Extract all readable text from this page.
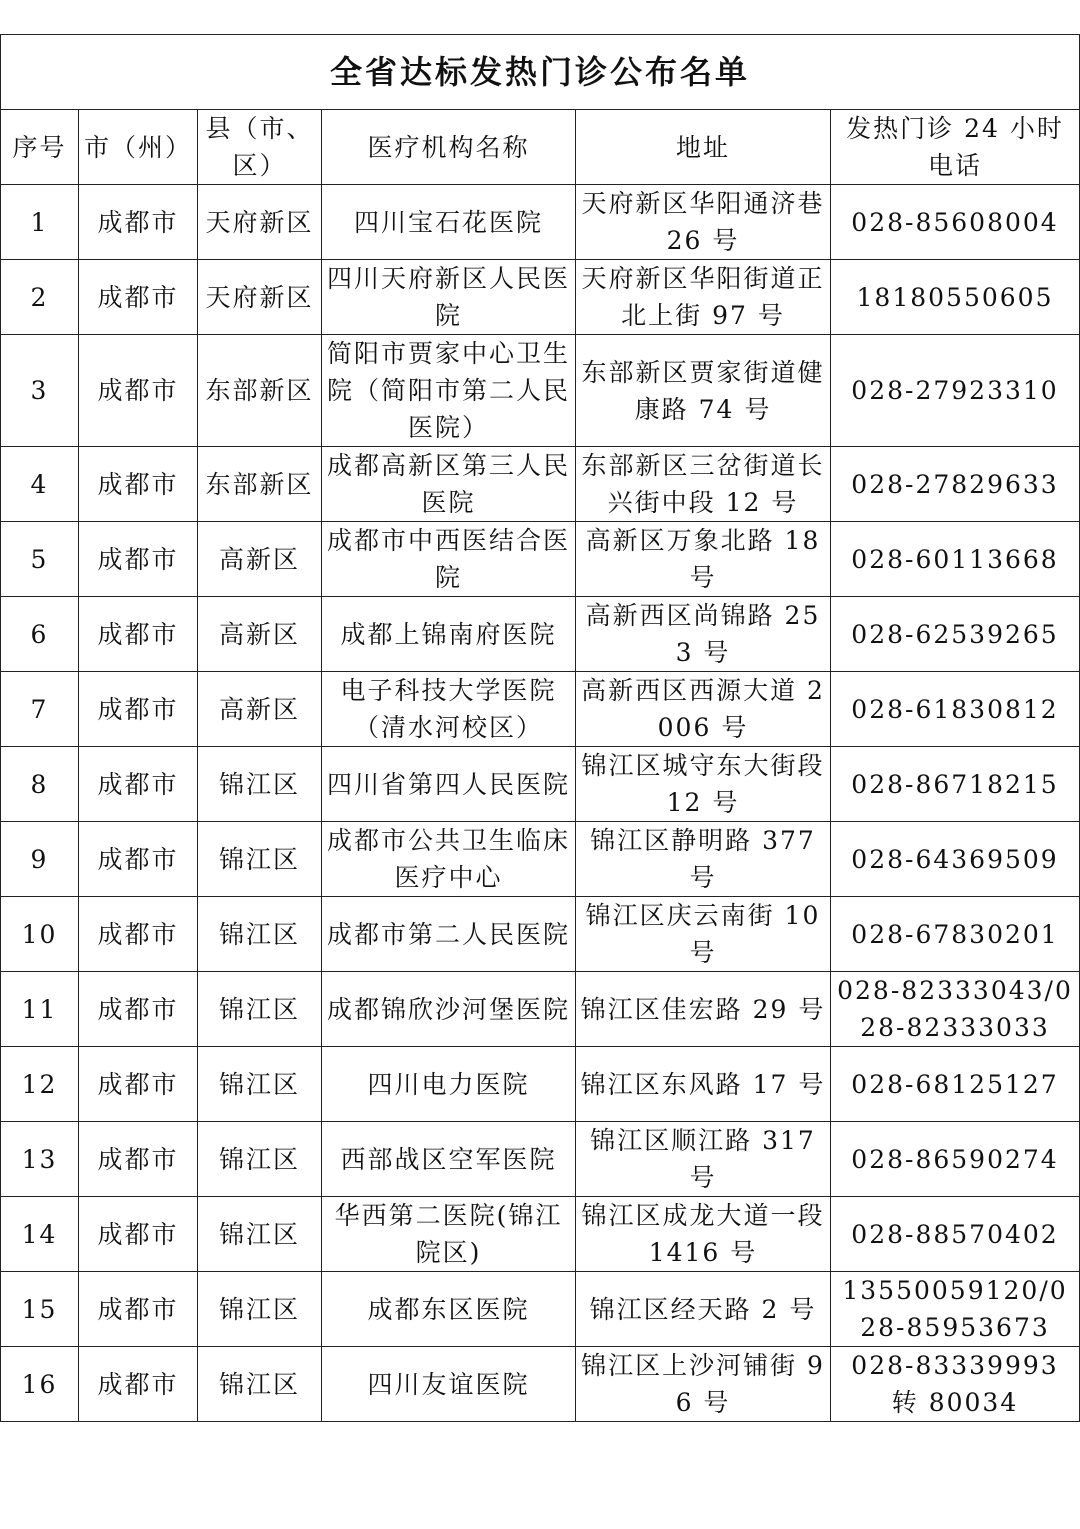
全省达标发热门诊公布名单					
序号	市（州）	县（市、区）	医疗机构名称	地址	发热门诊 24 小时电话
1	成都市	天府新区	四川宝石花医院	天府新区华阳通济巷 26 号	028-85608004
2	成都市	天府新区	四川天府新区人民医院	天府新区华阳街道正北上街 97 号	18180550605
3	成都市	东部新区	简阳市贾家中心卫生院（简阳市第二人民医院）	东部新区贾家街道健康路 74 号	028-27923310
4	成都市	东部新区	成都高新区第三人民医院	东部新区三岔街道长兴街中段 12 号	028-27829633
5	成都市	高新区	成都市中西医结合医院	高新区万象北路 18 号	028-60113668
6	成都市	高新区	成都上锦南府医院	高新西区尚锦路 253 号	028-62539265
7	成都市	高新区	电子科技大学医院（清水河校区）	高新西区西源大道 2006 号	028-61830812
8	成都市	锦江区	四川省第四人民医院	锦江区城守东大街段 12 号	028-86718215
9	成都市	锦江区	成都市公共卫生临床医疗中心	锦江区静明路 377 号	028-64369509
10	成都市	锦江区	成都市第二人民医院	锦江区庆云南街 10 号	028-67830201
11	成都市	锦江区	成都锦欣沙河堡医院	锦江区佳宏路 29 号	028-82333043/028-82333033
12	成都市	锦江区	四川电力医院	锦江区东风路 17 号	028-68125127
13	成都市	锦江区	西部战区空军医院	锦江区顺江路 317 号	028-86590274
14	成都市	锦江区	华西第二医院(锦江院区)	锦江区成龙大道一段 1416 号	028-88570402
15	成都市	锦江区	成都东区医院	锦江区经天路 2 号	13550059120/028-85953673
16	成都市	锦江区	四川友谊医院	锦江区上沙河铺街 96 号	028-83339993 转 80034
